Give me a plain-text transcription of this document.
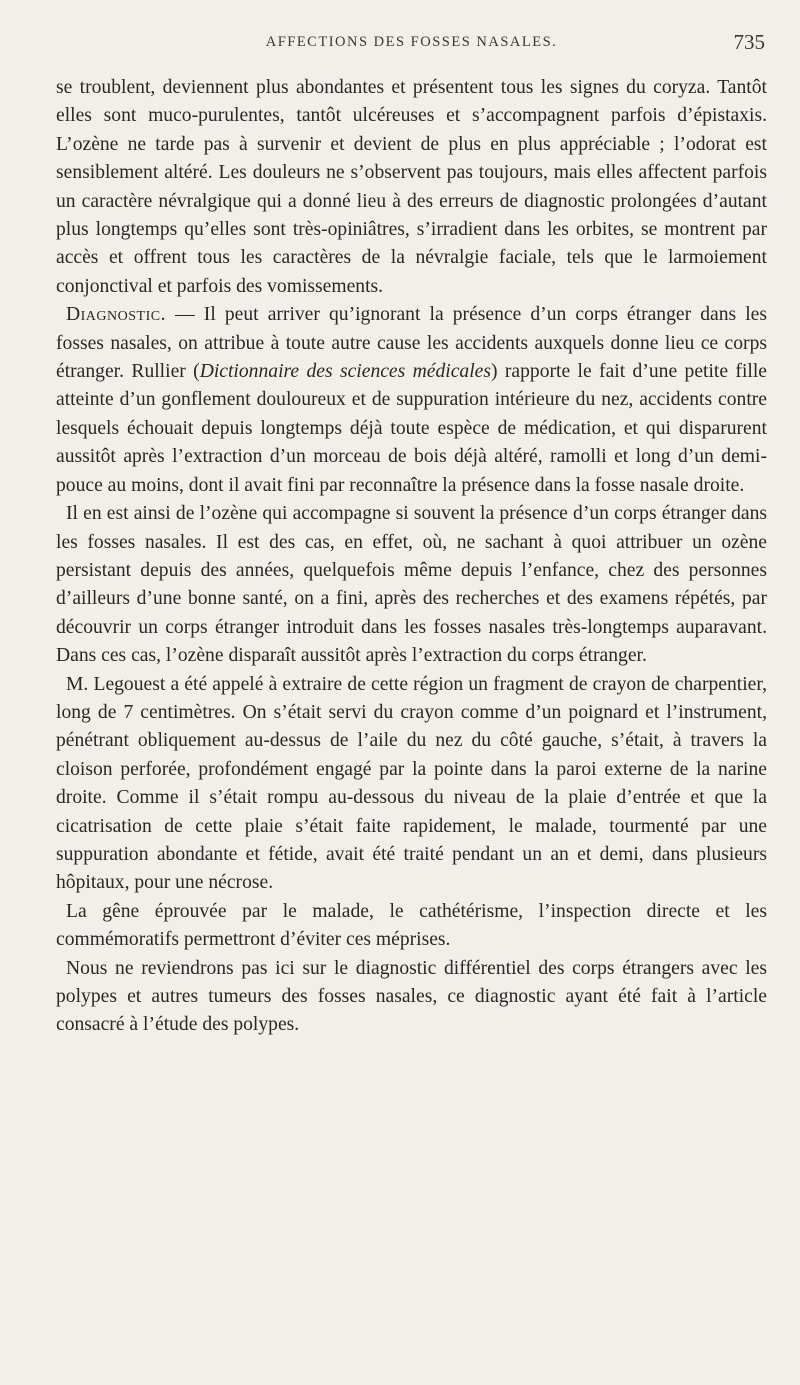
AFFECTIONS DES FOSSES NASALES.	735

se troublent, deviennent plus abondantes et présentent tous les signes du coryza. Tantôt elles sont muco-purulentes, tantôt ulcéreuses et s’accompagnent parfois d’épistaxis. L’ozène ne tarde pas à survenir et devient de plus en plus appréciable ; l’odorat est sensiblement altéré. Les douleurs ne s’observent pas toujours, mais elles affectent parfois un caractère névralgique qui a donné lieu à des erreurs de diagnostic prolongées d’autant plus longtemps qu’elles sont très-opiniâtres, s’irradient dans les orbites, se montrent par accès et offrent tous les caractères de la névralgie faciale, tels que le larmoiement conjonctival et parfois des vomissements.

Diagnostic. — Il peut arriver qu’ignorant la présence d’un corps étranger dans les fosses nasales, on attribue à toute autre cause les accidents auxquels donne lieu ce corps étranger. Rullier (Dictionnaire des sciences médicales) rapporte le fait d’une petite fille atteinte d’un gonflement douloureux et de suppuration intérieure du nez, accidents contre lesquels échouait depuis longtemps déjà toute espèce de médication, et qui disparurent aussitôt après l’extraction d’un morceau de bois déjà altéré, ramolli et long d’un demi-pouce au moins, dont il avait fini par reconnaître la présence dans la fosse nasale droite.

Il en est ainsi de l’ozène qui accompagne si souvent la présence d’un corps étranger dans les fosses nasales. Il est des cas, en effet, où, ne sachant à quoi attribuer un ozène persistant depuis des années, quelquefois même depuis l’enfance, chez des personnes d’ailleurs d’une bonne santé, on a fini, après des recherches et des examens répétés, par découvrir un corps étranger introduit dans les fosses nasales très-longtemps auparavant. Dans ces cas, l’ozène disparaît aussitôt après l’extraction du corps étranger.

M. Legouest a été appelé à extraire de cette région un fragment de crayon de charpentier, long de 7 centimètres. On s’était servi du crayon comme d’un poignard et l’instrument, pénétrant obliquement au-dessus de l’aile du nez du côté gauche, s’était, à travers la cloison perforée, profondément engagé par la pointe dans la paroi externe de la narine droite. Comme il s’était rompu au-dessous du niveau de la plaie d’entrée et que la cicatrisation de cette plaie s’était faite rapidement, le malade, tourmenté par une suppuration abondante et fétide, avait été traité pendant un an et demi, dans plusieurs hôpitaux, pour une nécrose.

La gêne éprouvée par le malade, le cathétérisme, l’inspection directe et les commémoratifs permettront d’éviter ces méprises.

Nous ne reviendrons pas ici sur le diagnostic différentiel des corps étrangers avec les polypes et autres tumeurs des fosses nasales, ce diagnostic ayant été fait à l’article consacré à l’étude des polypes.
